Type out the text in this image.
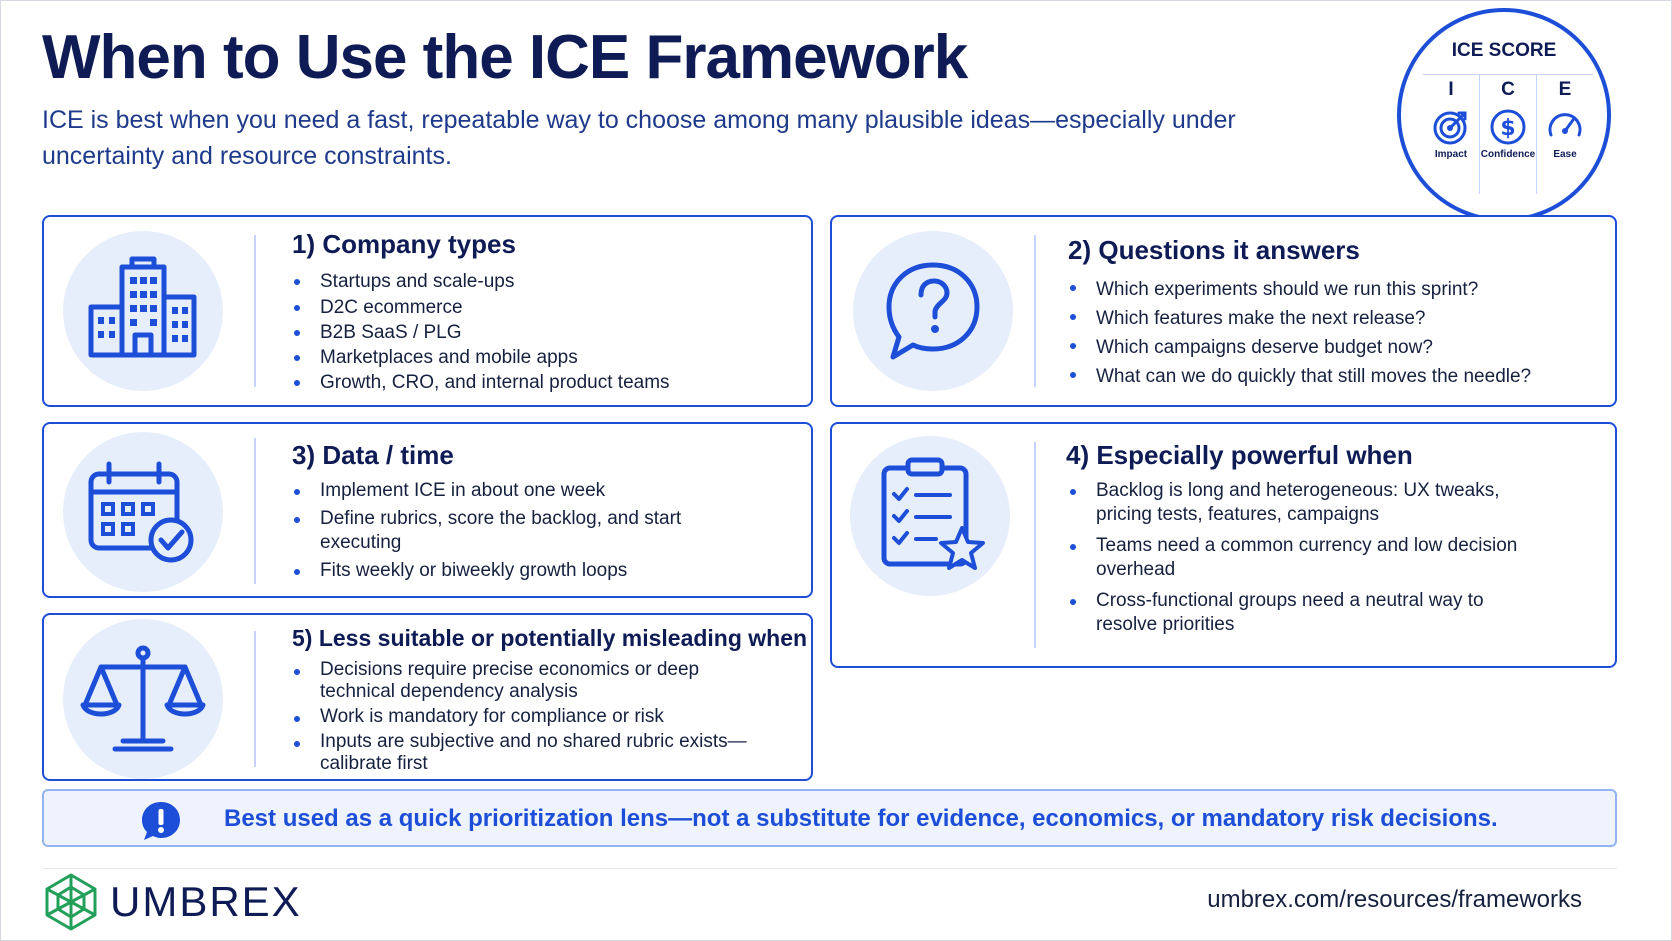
When to Use the ICE Framework

ICE is best when you need a fast, repeatable way to choose among many plausible ideas—especially under uncertainty and resource constraints.

ICE SCORE
I
Impact
C
$
Confidence
E
Ease
1) Company types
Startups and scale-ups
D2C ecommerce
B2B SaaS / PLG
Marketplaces and mobile apps
Growth, CRO, and internal product teams
2) Questions it answers
Which experiments should we run this sprint?
Which features make the next release?
Which campaigns deserve budget now?
What can we do quickly that still moves the needle?
3) Data / time
Implement ICE in about one week
Define rubrics, score the backlog, and start executing
Fits weekly or biweekly growth loops
4) Especially powerful when
Backlog is long and heterogeneous: UX tweaks, pricing tests, features, campaigns
Teams need a common currency and low decision overhead
Cross-functional groups need a neutral way to resolve priorities
5) Less suitable or potentially misleading when
Decisions require precise economics or deep technical dependency analysis
Work is mandatory for compliance or risk
Inputs are subjective and no shared rubric exists—calibrate first
Best used as a quick prioritization lens—not a substitute for evidence, economics, or mandatory risk decisions.
UMBREX	umbrex.com/resources/frameworks
